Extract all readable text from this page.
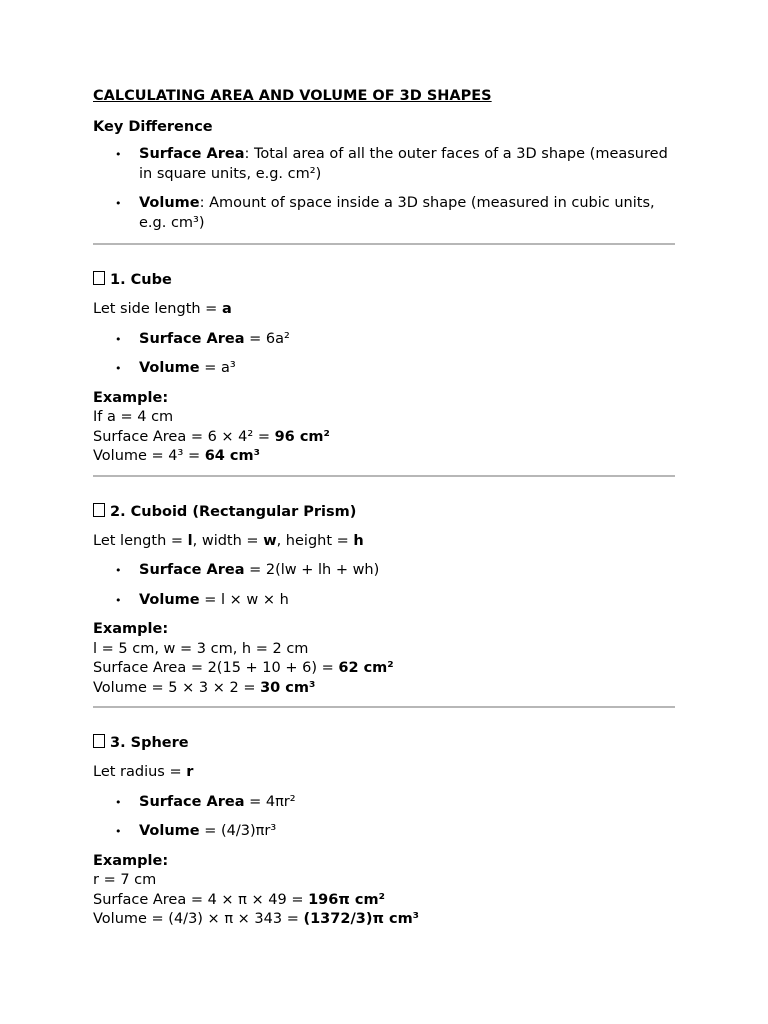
CALCULATING AREA AND VOLUME OF 3D SHAPES
Key Difference
• Surface Area: Total area of all the outer faces of a 3D shape (measured in square units, e.g. cm²)
• Volume: Amount of space inside a 3D shape (measured in cubic units, e.g. cm³)
1. Cube
Let side length = a
• Surface Area = 6a²
• Volume = a³
Example:
If a = 4 cm
Surface Area = 6 × 4² = 96 cm²
Volume = 4³ = 64 cm³
2. Cuboid (Rectangular Prism)
Let length = l, width = w, height = h
• Surface Area = 2(lw + lh + wh)
• Volume = l × w × h
Example:
l = 5 cm, w = 3 cm, h = 2 cm
Surface Area = 2(15 + 10 + 6) = 62 cm²
Volume = 5 × 3 × 2 = 30 cm³
3. Sphere
Let radius = r
• Surface Area = 4πr²
• Volume = (4/3)πr³
Example:
r = 7 cm
Surface Area = 4 × π × 49 = 196π cm²
Volume = (4/3) × π × 343 = (1372/3)π cm³
